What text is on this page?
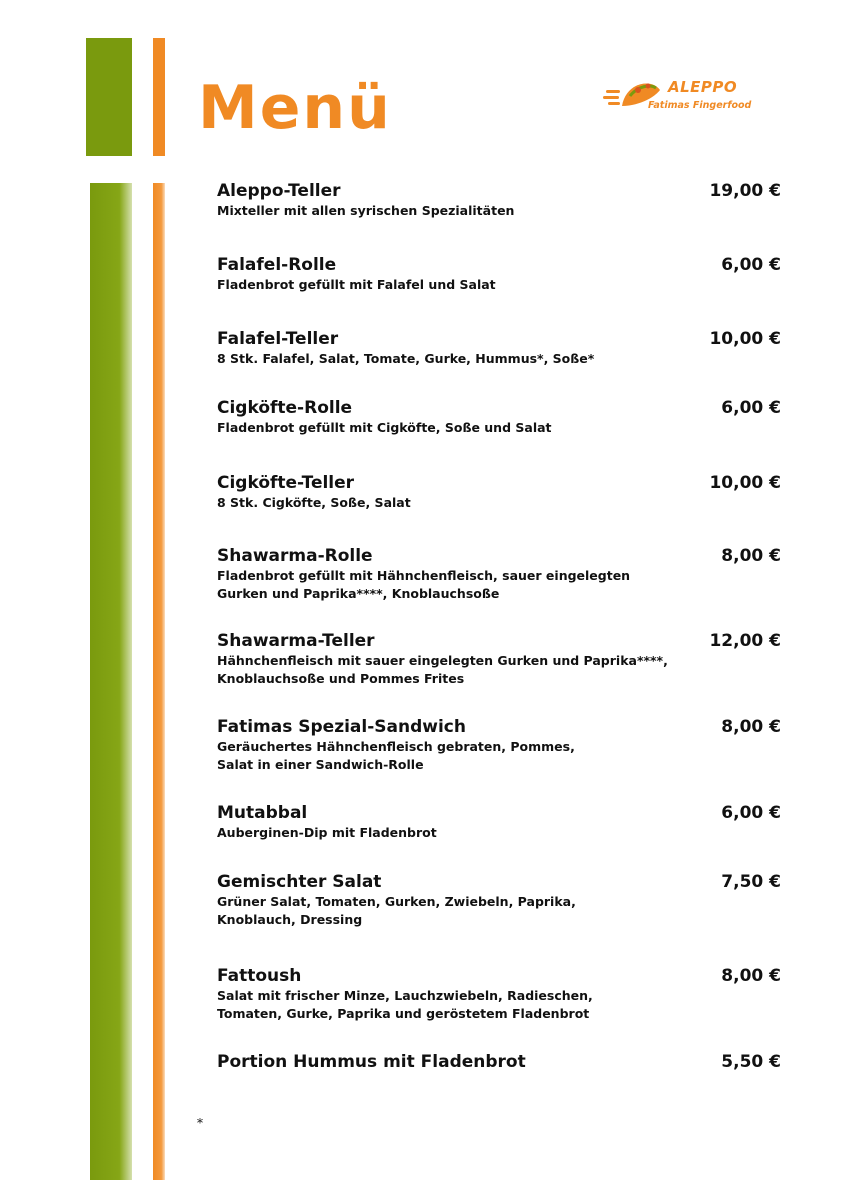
Menü	ALEPPO
Fatimas Fingerfood
Aleppo-Teller	19,00 €
Mixteller mit allen syrischen Spezialitäten
Falafel-Rolle	6,00 €
Fladenbrot gefüllt mit Falafel und Salat
Falafel-Teller	10,00 €
8 Stk. Falafel, Salat, Tomate, Gurke, Hummus*, Soße*
Cigköfte-Rolle	6,00 €
Fladenbrot gefüllt mit Cigköfte, Soße und Salat
Cigköfte-Teller	10,00 €
8 Stk. Cigköfte, Soße, Salat
Shawarma-Rolle	8,00 €
Fladenbrot gefüllt mit Hähnchenfleisch, sauer eingelegten
Gurken und Paprika****, Knoblauchsoße
Shawarma-Teller	12,00 €
Hähnchenfleisch mit sauer eingelegten Gurken und Paprika****,
Knoblauchsoße und Pommes Frites
Fatimas Spezial-Sandwich	8,00 €
Geräuchertes Hähnchenfleisch gebraten, Pommes,
Salat in einer Sandwich-Rolle
Mutabbal	6,00 €
Auberginen-Dip mit Fladenbrot
Gemischter Salat	7,50 €
Grüner Salat, Tomaten, Gurken, Zwiebeln, Paprika,
Knoblauch, Dressing
Fattoush	8,00 €
Salat mit frischer Minze, Lauchzwiebeln, Radieschen,
Tomaten, Gurke, Paprika und geröstetem Fladenbrot
Portion Hummus mit Fladenbrot	5,50 €
*
